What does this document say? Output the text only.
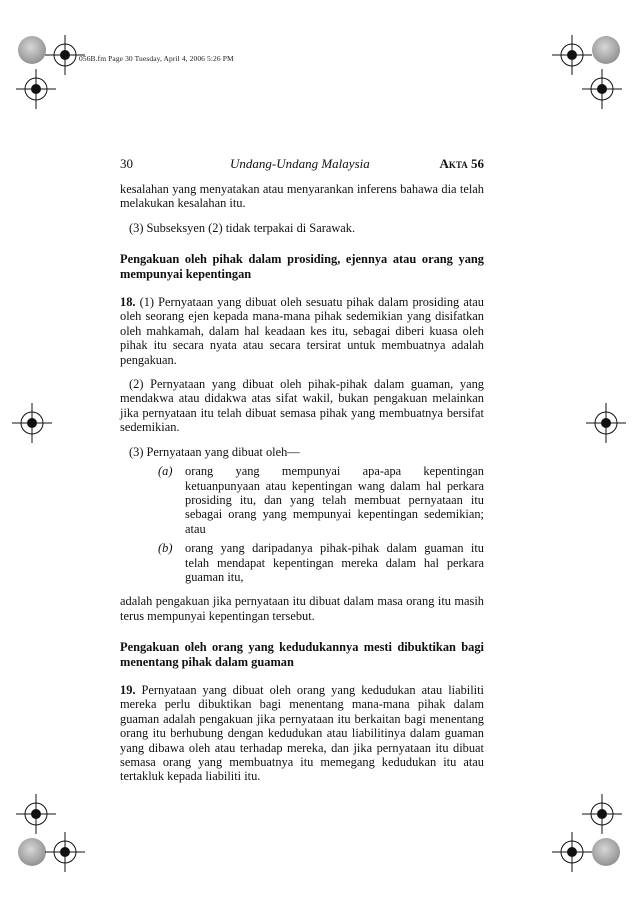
056B.fm Page 30 Tuesday, April 4, 2006 5:26 PM
30	Undang-Undang Malaysia	Akta 56

kesalahan yang menyatakan atau menyarankan inferens bahawa dia telah melakukan kesalahan itu.

(3) Subseksyen (2) tidak terpakai di Sarawak.

Pengakuan oleh pihak dalam prosiding, ejennya atau orang yang mempunyai kepentingan

18. (1) Pernyataan yang dibuat oleh sesuatu pihak dalam prosiding atau oleh seorang ejen kepada mana-mana pihak sedemikian yang disifatkan oleh mahkamah, dalam hal keadaan kes itu, sebagai diberi kuasa oleh pihak itu secara nyata atau secara tersirat untuk membuatnya adalah pengakuan.

(2) Pernyataan yang dibuat oleh pihak-pihak dalam guaman, yang mendakwa atau didakwa atas sifat wakil, bukan pengakuan melainkan jika pernyataan itu telah dibuat semasa pihak yang membuatnya bersifat sedemikian.

(3) Pernyataan yang dibuat oleh—

(a) orang yang mempunyai apa-apa kepentingan ketuanpunyaan atau kepentingan wang dalam hal perkara prosiding itu, dan yang telah membuat pernyataan itu sebagai orang yang mempunyai kepentingan sedemikian; atau
(b) orang yang daripadanya pihak-pihak dalam guaman itu telah mendapat kepentingan mereka dalam hal perkara guaman itu,

adalah pengakuan jika pernyataan itu dibuat dalam masa orang itu masih terus mempunyai kepentingan tersebut.

Pengakuan oleh orang yang kedudukannya mesti dibuktikan bagi menentang pihak dalam guaman

19. Pernyataan yang dibuat oleh orang yang kedudukan atau liabiliti mereka perlu dibuktikan bagi menentang mana-mana pihak dalam guaman adalah pengakuan jika pernyataan itu berkaitan bagi menentang orang itu berhubung dengan kedudukan atau liabilitinya dalam guaman yang dibawa oleh atau terhadap mereka, dan jika pernyataan itu dibuat semasa orang yang membuatnya itu memegang kedudukan itu atau tertakluk kepada liabiliti itu.
